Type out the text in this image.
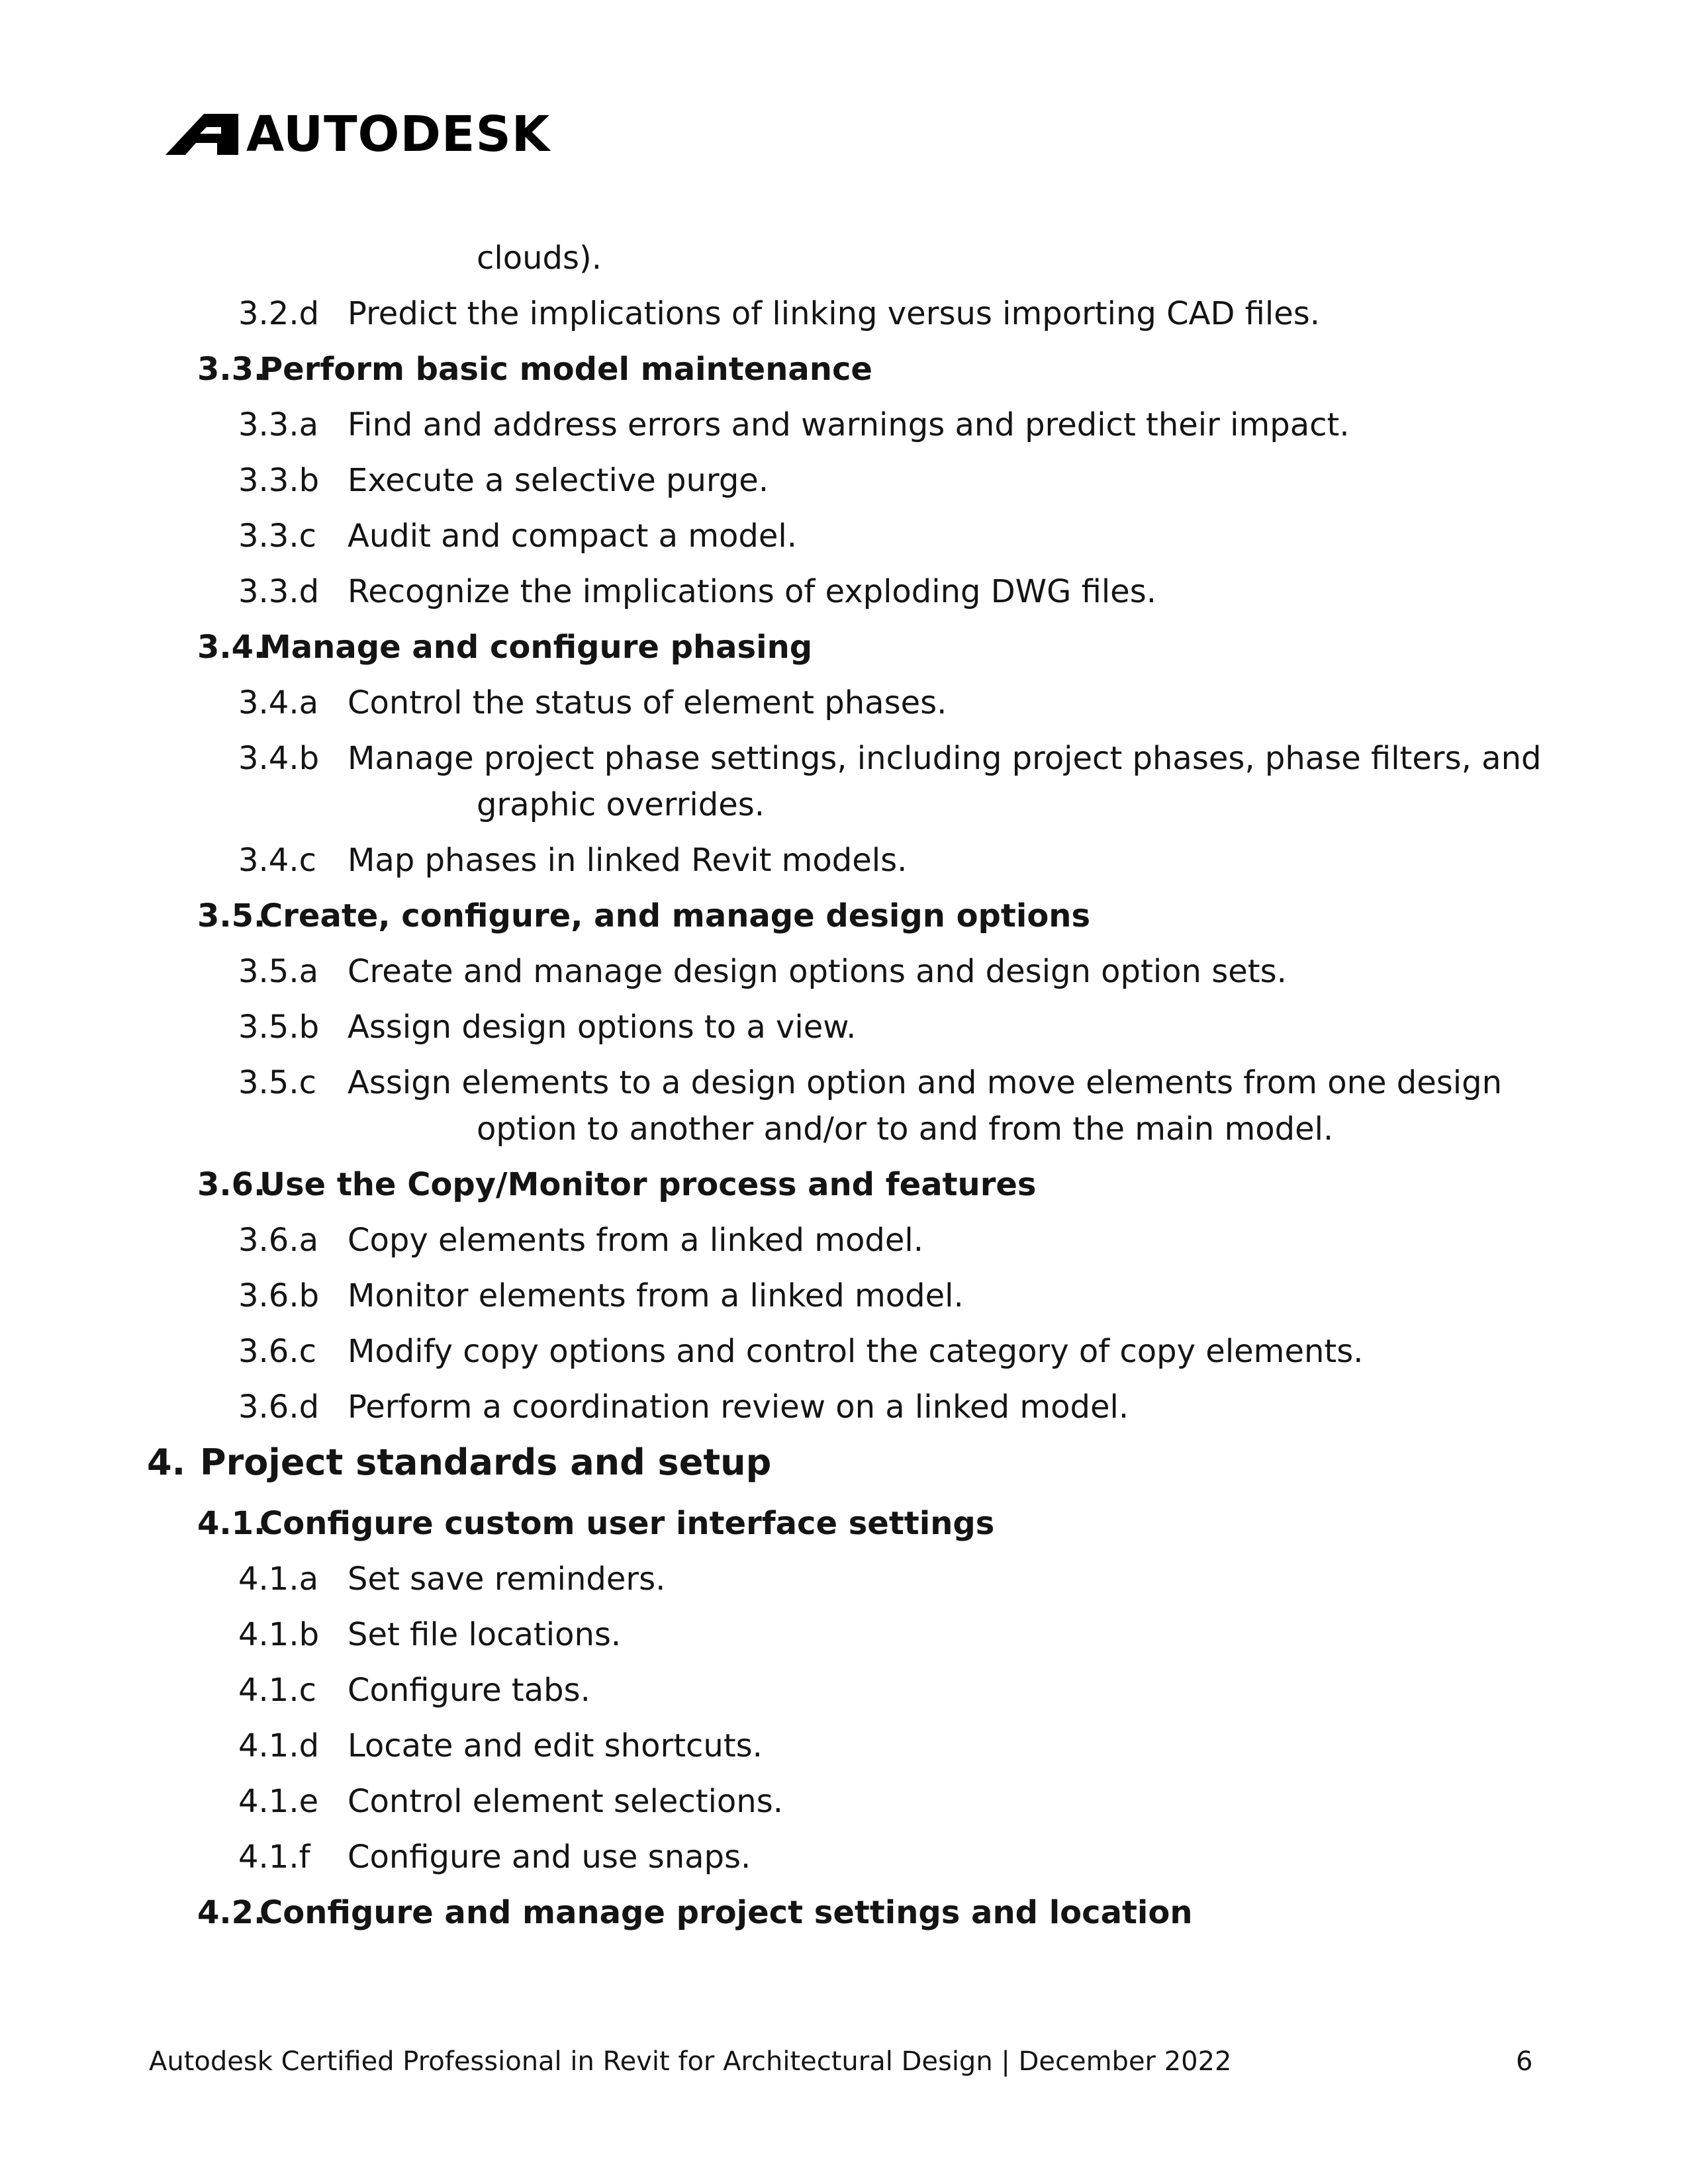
AUTODESK
clouds).
3.2.d Predict the implications of linking versus importing CAD files.
3.3.
Perform basic model maintenance
3.3.a Find and address errors and warnings and predict their impact.
3.3.b Execute a selective purge.
3.3.c Audit and compact a model.
3.3.d Recognize the implications of exploding DWG files.
3.4.
Manage and configure phasing
3.4.a Control the status of element phases.
3.4.b Manage project phase settings, including project phases, phase filters, and
graphic overrides.
3.4.c Map phases in linked Revit models.
3.5.
Create, configure, and manage design options
3.5.a Create and manage design options and design option sets.
3.5.b Assign design options to a view.
3.5.c Assign elements to a design option and move elements from one design
option to another and/or to and from the main model.
3.6.
Use the Copy/Monitor process and features
3.6.a Copy elements from a linked model.
3.6.b Monitor elements from a linked model.
3.6.c Modify copy options and control the category of copy elements.
3.6.d Perform a coordination review on a linked model.
4. Project standards and setup
4.1.
Configure custom user interface settings
4.1.a Set save reminders.
4.1.b Set file locations.
4.1.c Configure tabs.
4.1.d Locate and edit shortcuts.
4.1.e Control element selections.
4.1.f Configure and use snaps.
4.2.
Configure and manage project settings and location
Autodesk Certified Professional in Revit for Architectural Design | December 2022	6
